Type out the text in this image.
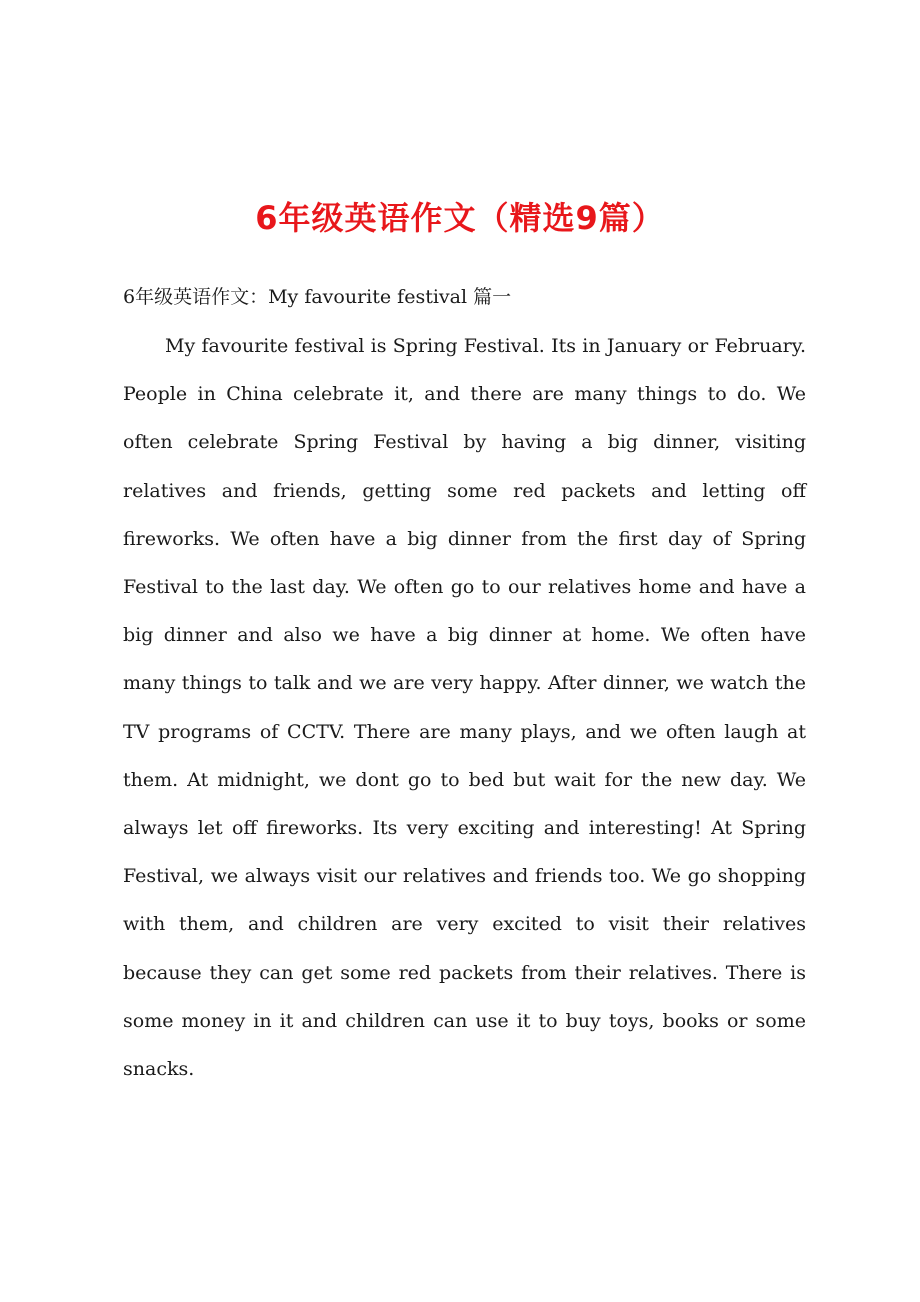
6年级英语作文（精选9篇）

6年级英语作文：My favourite festival 篇一

My favourite festival is Spring Festival. Its in January or February. People in China celebrate it, and there are many things to do. We often celebrate Spring Festival by having a big dinner, visiting relatives and friends, getting some red packets and letting off fireworks. We often have a big dinner from the first day of Spring Festival to the last day. We often go to our relatives home and have a big dinner and also we have a big dinner at home. We often have many things to talk and we are very happy. After dinner, we watch the TV programs of CCTV. There are many plays, and we often laugh at them. At midnight, we dont go to bed but wait for the new day. We always let off fireworks. Its very exciting and interesting! At Spring Festival, we always visit our relatives and friends too. We go shopping with them, and children are very excited to visit their relatives because they can get some red packets from their relatives. There is some money in it and children can use it to buy toys, books or some snacks.
